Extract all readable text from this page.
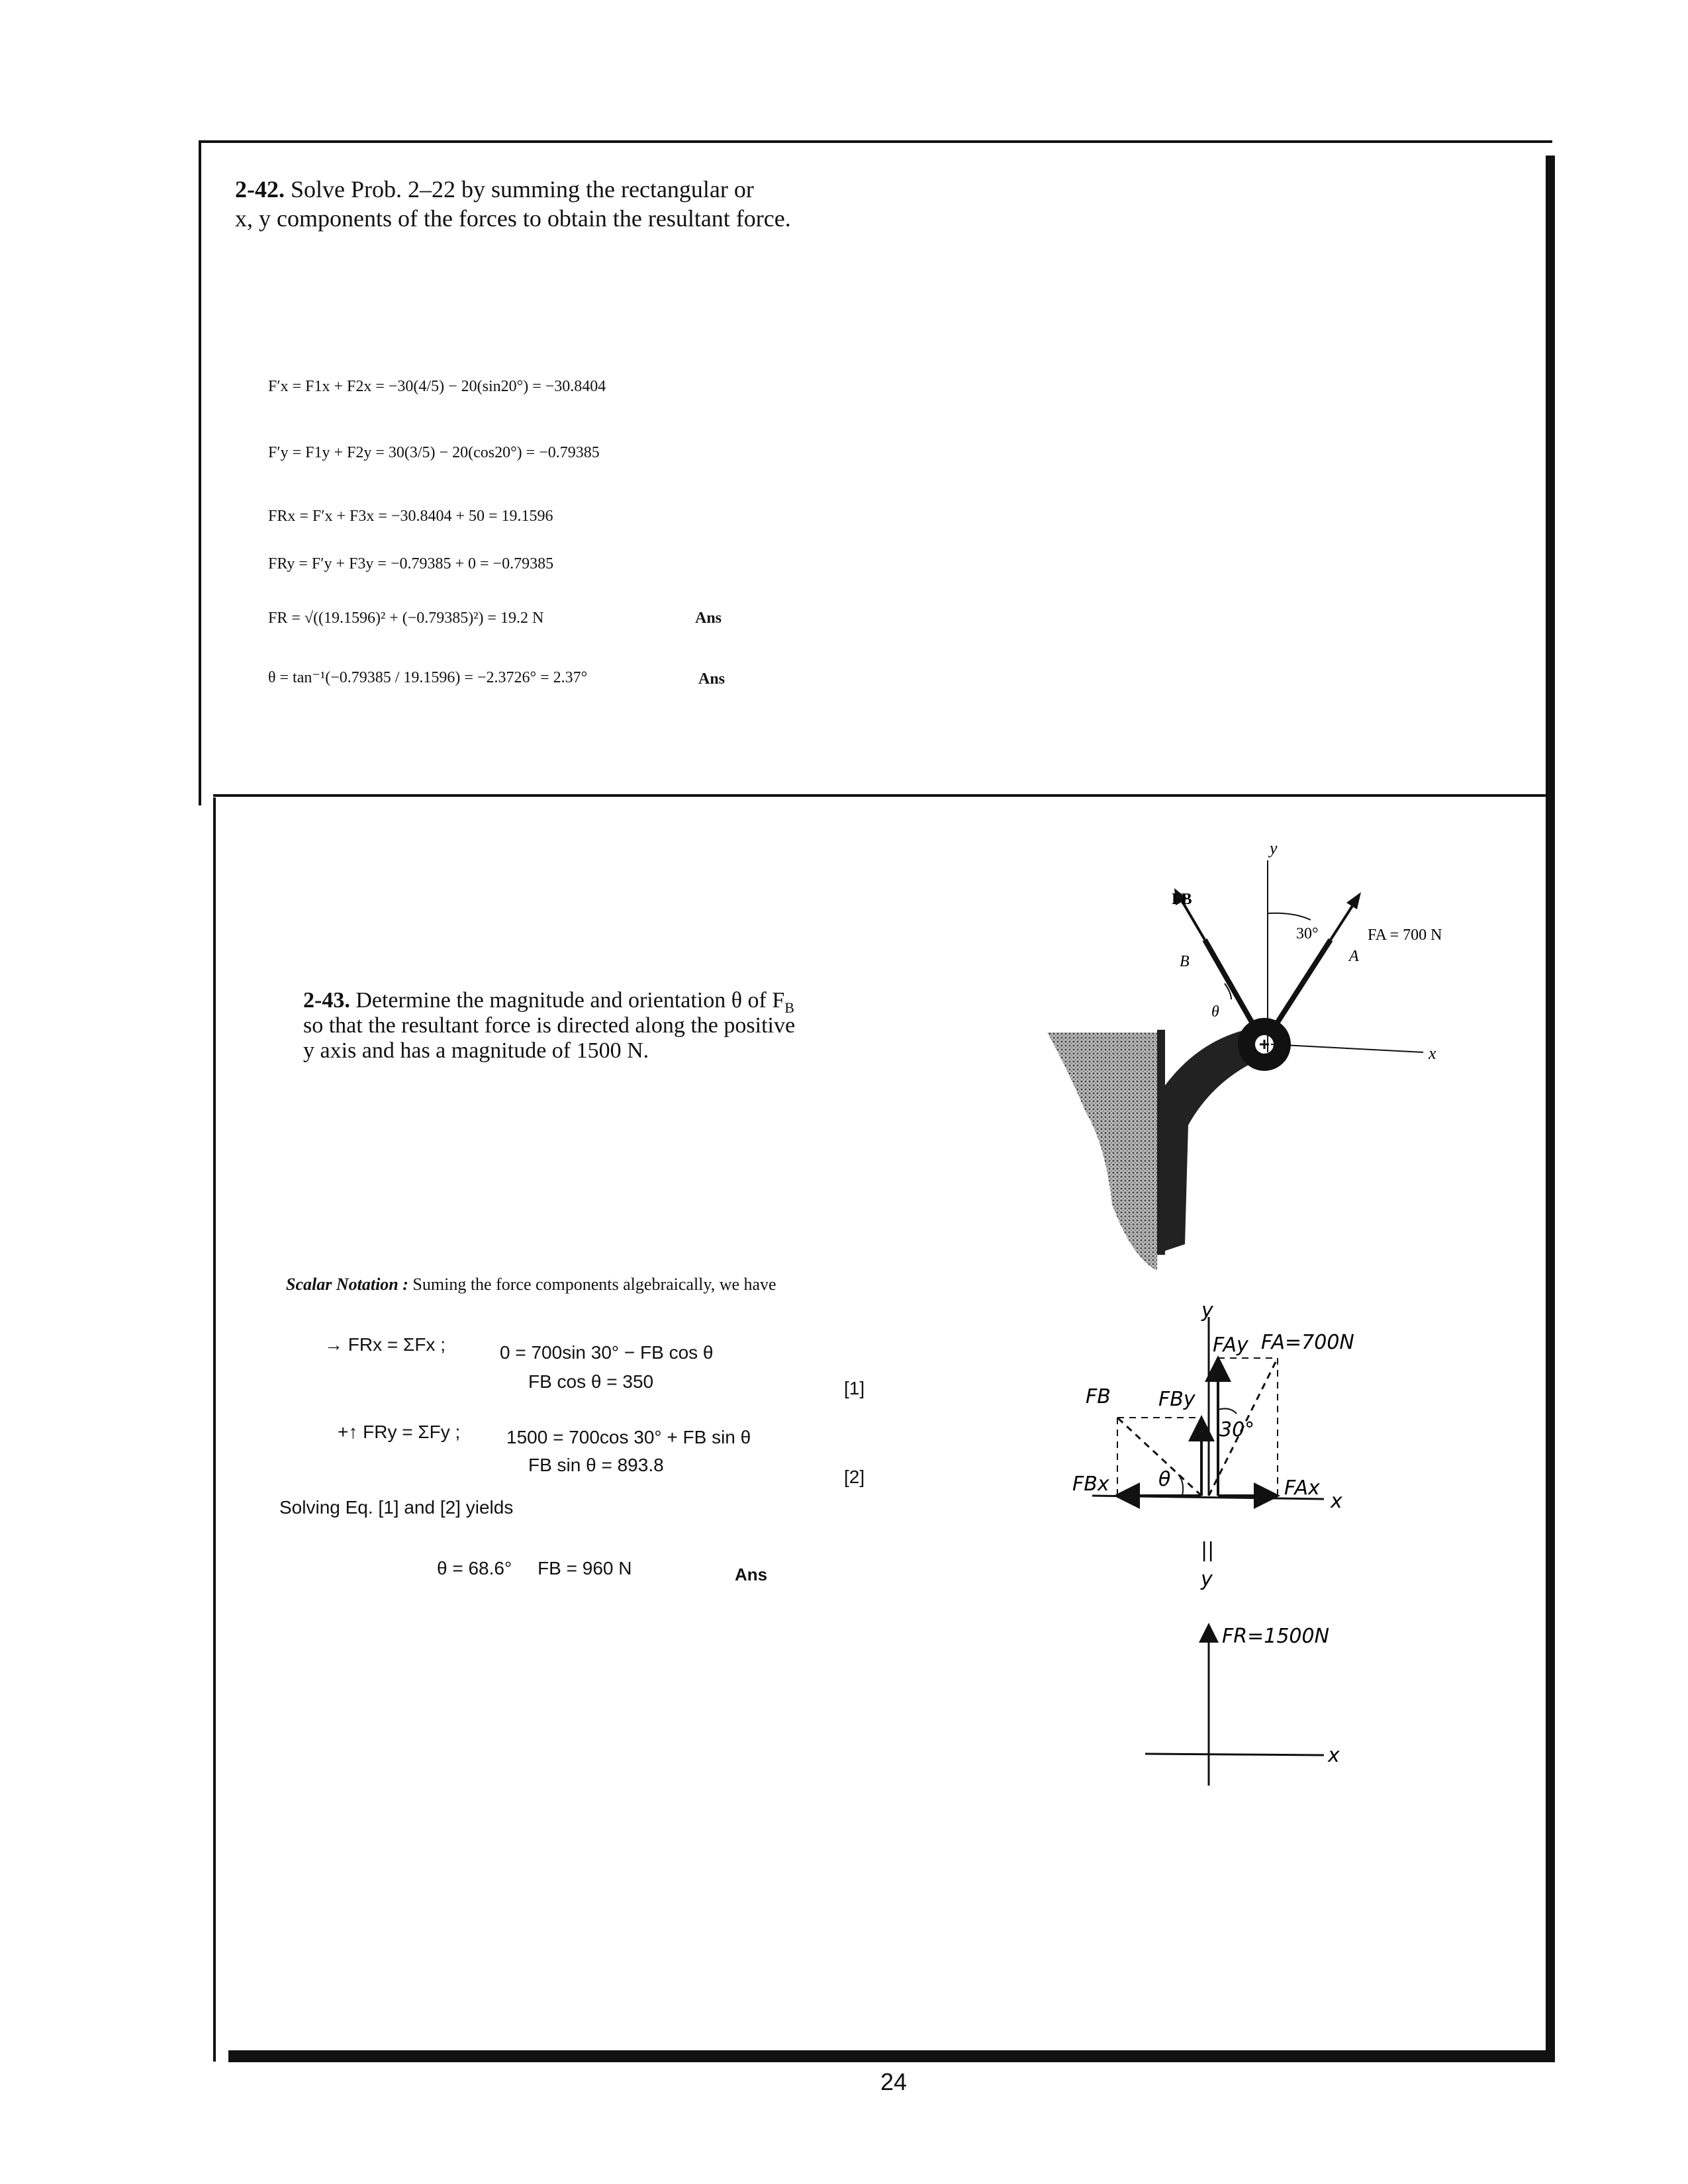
2-42. Solve Prob. 2–22 by summing the rectangular or
x, y components of the forces to obtain the resultant force.
F′x = F1x + F2x = −30(4/5) − 20(sin20°) = −30.8404
F′y = F1y + F2y = 30(3/5) − 20(cos20°) = −0.79385
FRx = F′x + F3x = −30.8404 + 50 = 19.1596
FRy = F′y + F3y = −0.79385 + 0 = −0.79385
FR = √((19.1596)² + (−0.79385)²) = 19.2 N	Ans
θ = tan⁻¹(−0.79385 / 19.1596) = −2.3726° = 2.37°	Ans
2-43. Determine the magnitude and orientation θ of $F_B$
so that the resultant force is directed along the positive
y axis and has a magnitude of 1500 N.
y
x
FB
B	A
30°
θ
FA = 700 N
Scalar Notation : Suming the force components algebraically, we have
→ FRx = ΣFx ;	0 = 700sin 30° − FB cos θ
FB cos θ = 350	[1]
+↑ FRy = ΣFy ; 1500 = 700cos 30° + FB sin θ
FB sin θ = 893.8
[2]
Solving Eq. [1] and [2] yields
θ = 68.6°     FB = 960 N	Ans
y
x
FAy FA=700N
FB FBy
30°
FBx θ	FAx
||
y
FR=1500N
x
24
